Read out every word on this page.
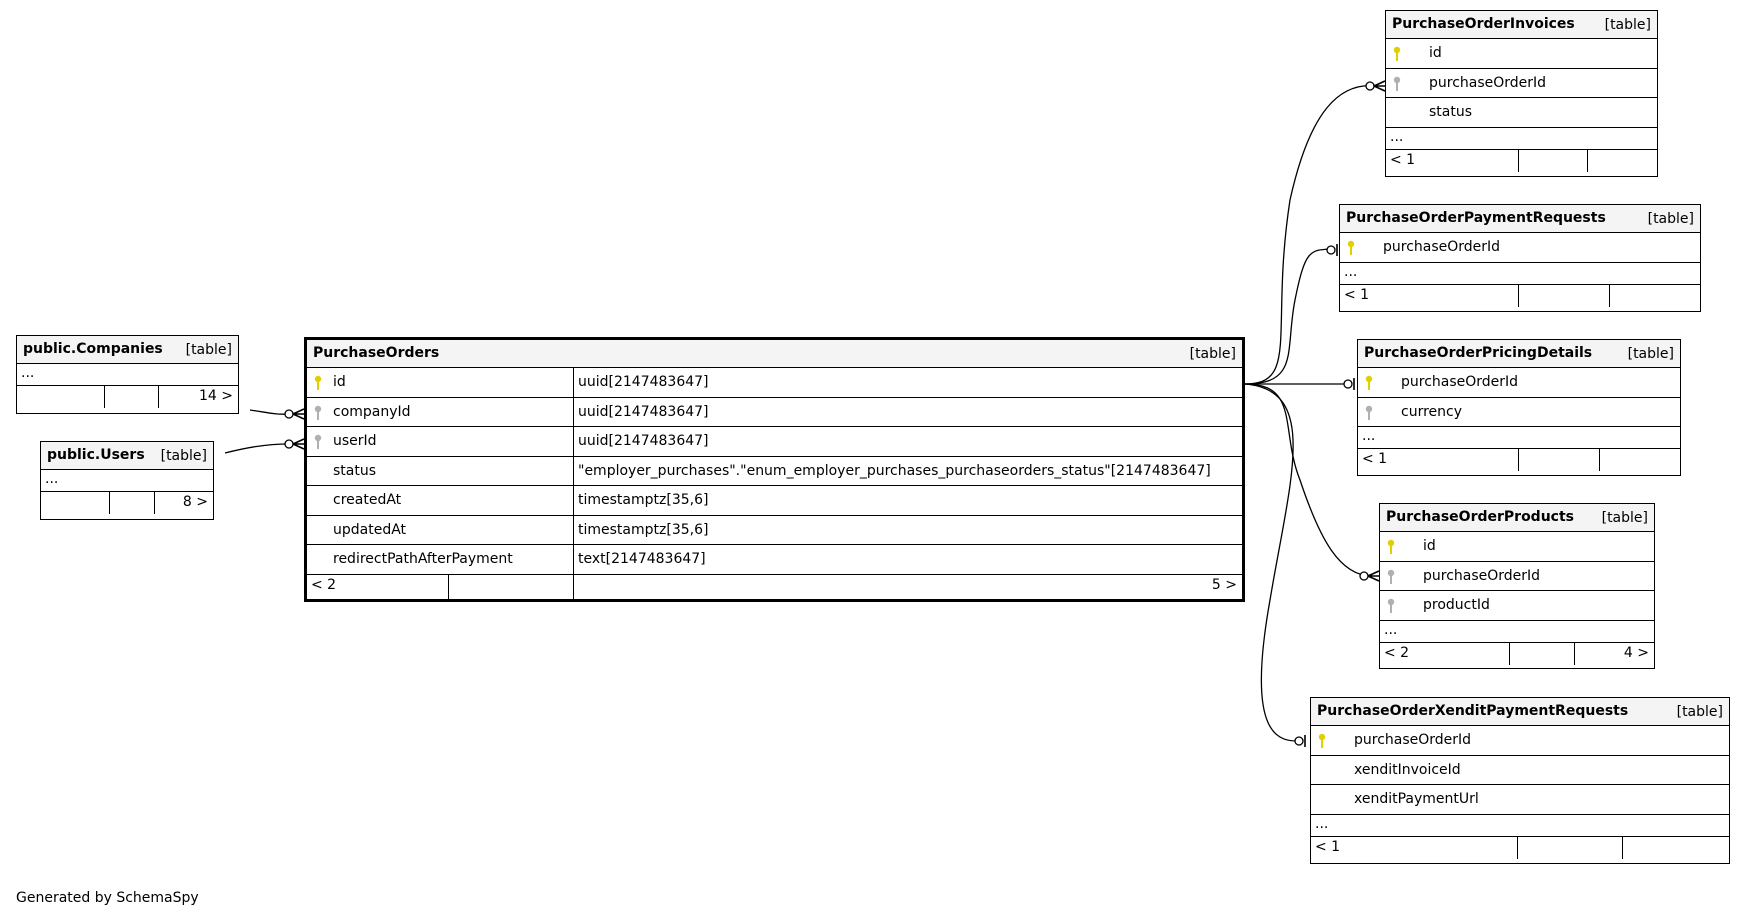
public.Companies [table]
...
14 >
public.Users [table]
...
8 >
PurchaseOrders	[table]
id	uuid[2147483647]
companyId	uuid[2147483647]
userId	uuid[2147483647]
status	"employer_purchases"."enum_employer_purchases_purchaseorders_status"[2147483647]
createdAt	timestamptz[35,6]
updatedAt	timestamptz[35,6]
redirectPathAfterPayment	text[2147483647]
< 2	5 >
PurchaseOrderInvoices [table]
id
purchaseOrderId
status
...
< 1
PurchaseOrderPaymentRequests	[table]
purchaseOrderId
...
< 1
PurchaseOrderPricingDetails	[table]
purchaseOrderId
currency
...
< 1
PurchaseOrderProducts [table]
id
purchaseOrderId
productId
...
< 2	4 >
PurchaseOrderXenditPaymentRequests	[table]
purchaseOrderId
xenditInvoiceId
xenditPaymentUrl
...
< 1
Generated by SchemaSpy
